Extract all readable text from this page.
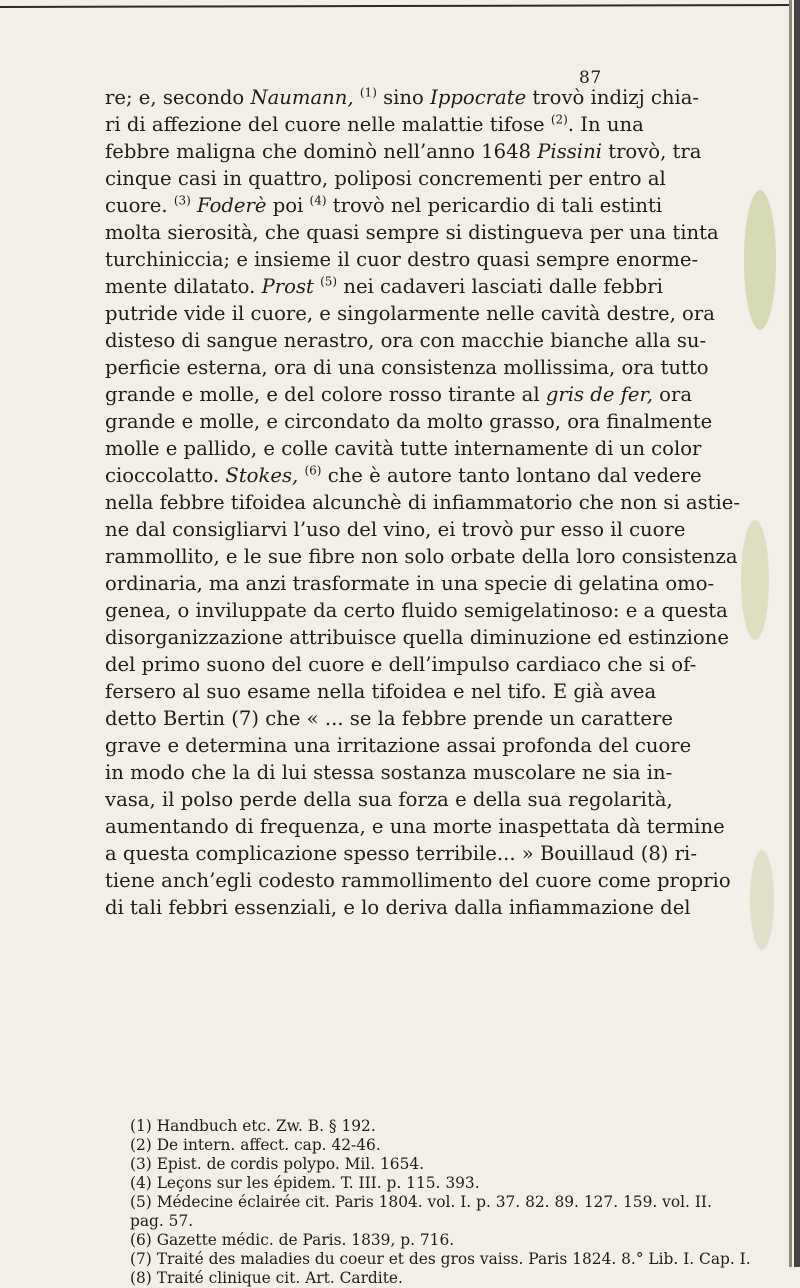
87
re; e, secondo Naumann, $^{(1)}$ sino Ippocrate trovò indizj chia-
ri di affezione del cuore nelle malattie tifose $^{(2)}$. In una
febbre maligna che dominò nell’anno 1648 Pissini trovò, tra
cinque casi in quattro, poliposi concrementi per entro al
cuore. $^{(3)}$ Foderè poi $^{(4)}$ trovò nel pericardio di tali estinti
molta sierosità, che quasi sempre si distingueva per una tinta
turchiniccia; e insieme il cuor destro quasi sempre enorme-
mente dilatato. Prost $^{(5)}$ nei cadaveri lasciati dalle febbri
putride vide il cuore, e singolarmente nelle cavità destre, ora
disteso di sangue nerastro, ora con macchie bianche alla su-
perficie esterna, ora di una consistenza mollissima, ora tutto
grande e molle, e del colore rosso tirante al gris de fer, ora
grande e molle, e circondato da molto grasso, ora finalmente
molle e pallido, e colle cavità tutte internamente di un color
cioccolatto. Stokes, $^{(6)}$ che è autore tanto lontano dal vedere
nella febbre tifoidea alcunchè di infiammatorio che non si astie-
ne dal consigliarvi l’uso del vino, ei trovò pur esso il cuore
rammollito, e le sue fibre non solo orbate della loro consistenza
ordinaria, ma anzi trasformate in una specie di gelatina omo-
genea, o inviluppate da certo fluido semigelatinoso: e a questa
disorganizzazione attribuisce quella diminuzione ed estinzione
del primo suono del cuore e dell’impulso cardiaco che si of-
fersero al suo esame nella tifoidea e nel tifo. E già avea
detto Bertin (7) che « ... se la febbre prende un carattere
grave e determina una irritazione assai profonda del cuore
in modo che la di lui stessa sostanza muscolare ne sia in-
vasa, il polso perde della sua forza e della sua regolarità,
aumentando di frequenza, e una morte inaspettata dà termine
a questa complicazione spesso terribile... » Bouillaud (8) ri-
tiene anch’egli codesto rammollimento del cuore come proprio
di tali febbri essenziali, e lo deriva dalla infiammazione del
(1) Handbuch etc. Zw. B. § 192.
(2) De intern. affect. cap. 42-46.
(3) Epist. de cordis polypo. Mil. 1654.
(4) Leçons sur les épidem. T. III. p. 115. 393.
(5) Médecine éclairée cit. Paris 1804. vol. I. p. 37. 82. 89. 127. 159. vol. II.
pag. 57.
(6) Gazette médic. de Paris. 1839, p. 716.
(7) Traité des maladies du coeur et des gros vaiss. Paris 1824. 8.° Lib. I. Cap. I.
(8) Traité clinique cit. Art. Cardite.
